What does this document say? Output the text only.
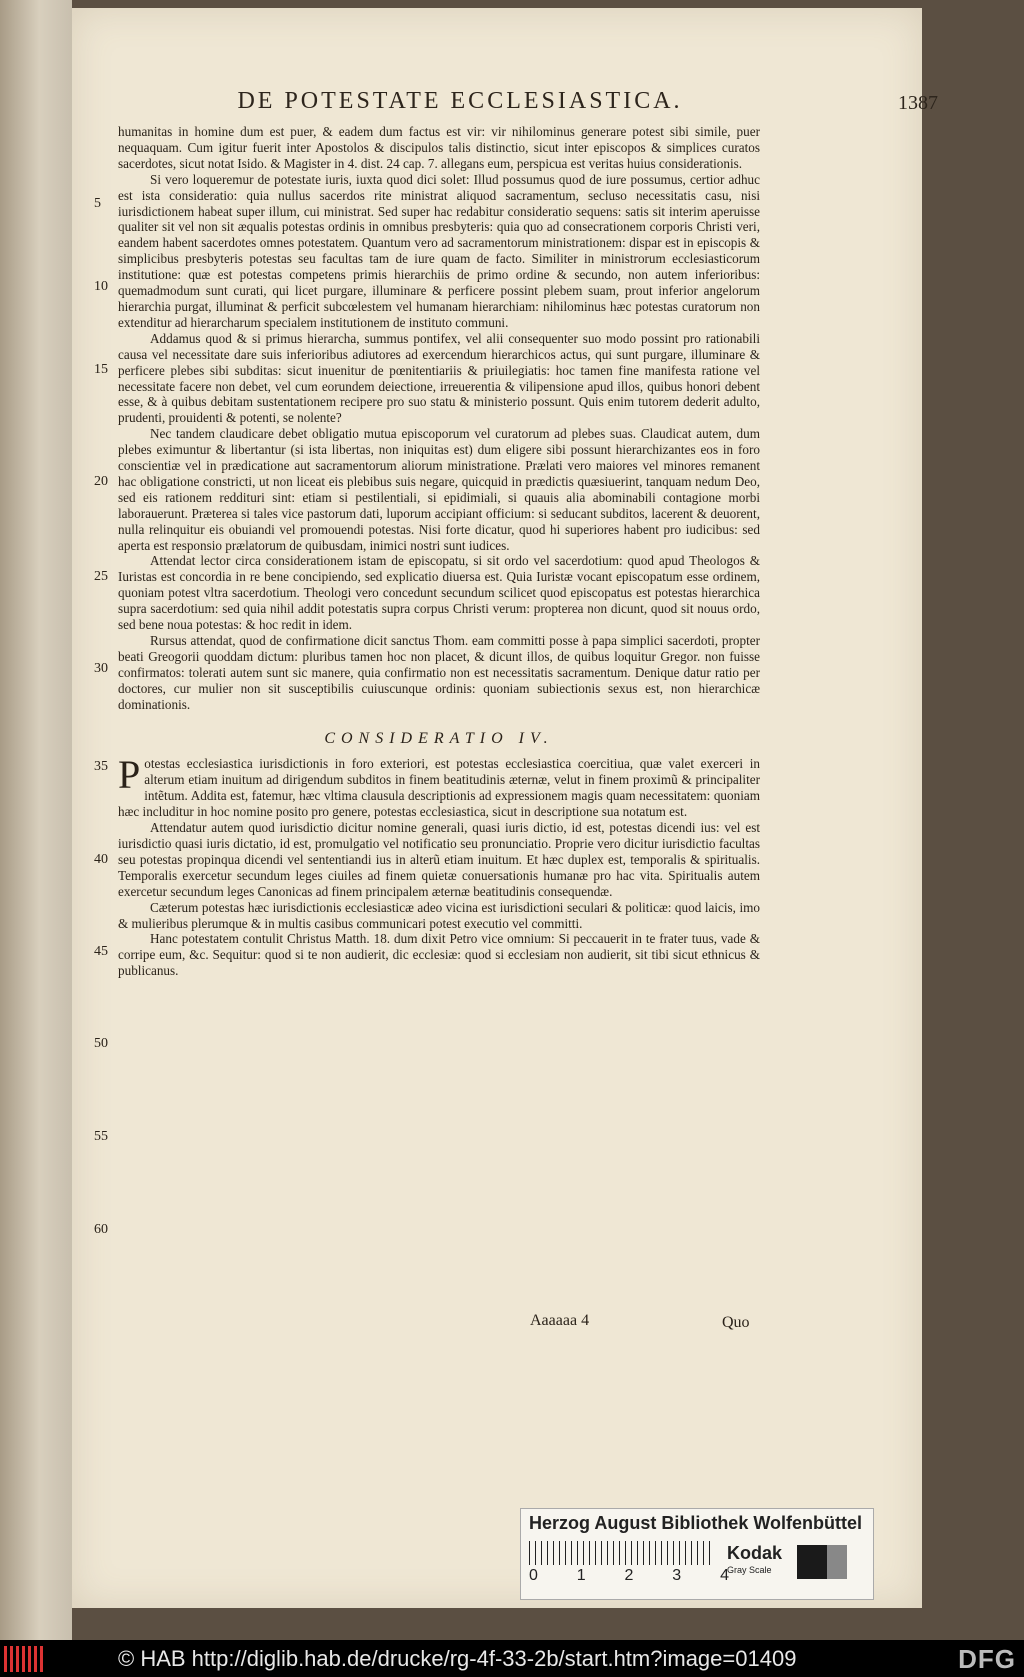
DE POTESTATE ECCLESIASTICA.	1387
5
10
15
20
25
30
35
40
45
50
55
60

humanitas in homine dum est puer, & eadem dum factus est vir: vir nihilominus generare potest sibi simile, puer nequaquam. Cum igitur fuerit inter Apostolos & discipulos talis distinctio, sicut inter episcopos & simplices curatos sacerdotes, sicut notat Isido. & Magister in 4. dist. 24 cap. 7. allegans eum, perspicua est veritas huius considerationis.

Si vero loqueremur de potestate iuris, iuxta quod dici solet: Illud possumus quod de iure possumus, certior adhuc est ista consideratio: quia nullus sacerdos rite ministrat aliquod sacramentum, secluso necessitatis casu, nisi iurisdictionem habeat super illum, cui ministrat. Sed super hac redabitur consideratio sequens: satis sit interim aperuisse qualiter sit vel non sit æqualis potestas ordinis in omnibus presbyteris: quia quo ad consecrationem corporis Christi veri, eandem habent sacerdotes omnes potestatem. Quantum vero ad sacramentorum ministrationem: dispar est in episcopis & simplicibus presbyteris potestas seu facultas tam de iure quam de facto. Similiter in ministrorum ecclesiasticorum institutione: quæ est potestas competens primis hierarchiis de primo ordine & secundo, non autem inferioribus: quemadmodum sunt curati, qui licet purgare, illuminare & perficere possint plebem suam, prout inferior angelorum hierarchia purgat, illuminat & perficit subcœlestem vel humanam hierarchiam: nihilominus hæc potestas curatorum non extenditur ad hierarcharum specialem institutionem de instituto communi.

Addamus quod & si primus hierarcha, summus pontifex, vel alii consequenter suo modo possint pro rationabili causa vel necessitate dare suis inferioribus adiutores ad exercendum hierarchicos actus, qui sunt purgare, illuminare & perficere plebes sibi subditas: sicut inuenitur de pœnitentiariis & priuilegiatis: hoc tamen fine manifesta ratione vel necessitate facere non debet, vel cum eorundem deiectione, irreuerentia & vilipensione apud illos, quibus honori debent esse, & à quibus debitam sustentationem recipere pro suo statu & ministerio possunt. Quis enim tutorem dederit adulto, prudenti, prouidenti & potenti, se nolente?

Nec tandem claudicare debet obligatio mutua episcoporum vel curatorum ad plebes suas. Claudicat autem, dum plebes eximuntur & libertantur (si ista libertas, non iniquitas est) dum eligere sibi possunt hierarchizantes eos in foro conscientiæ vel in prædicatione aut sacramentorum aliorum ministratione. Prælati vero maiores vel minores remanent hac obligatione constricti, ut non liceat eis plebibus suis negare, quicquid in prædictis quæsiuerint, tanquam nedum Deo, sed eis rationem reddituri sint: etiam si pestilentiali, si epidimiali, si quauis alia abominabili contagione morbi laborauerunt. Præterea si tales vice pastorum dati, luporum accipiant officium: si seducant subditos, lacerent & deuorent, nulla relinquitur eis obuiandi vel promouendi potestas. Nisi forte dicatur, quod hi superiores habent pro iudicibus: sed aperta est responsio prælatorum de quibusdam, inimici nostri sunt iudices.

Attendat lector circa considerationem istam de episcopatu, si sit ordo vel sacerdotium: quod apud Theologos & Iuristas est concordia in re bene concipiendo, sed explicatio diuersa est. Quia Iuristæ vocant episcopatum esse ordinem, quoniam potest vltra sacerdotium. Theologi vero concedunt secundum scilicet quod episcopatus est potestas hierarchica supra sacerdotium: sed quia nihil addit potestatis supra corpus Christi verum: propterea non dicunt, quod sit nouus ordo, sed bene noua potestas: & hoc redit in idem.

Rursus attendat, quod de confirmatione dicit sanctus Thom. eam committi posse à papa simplici sacerdoti, propter beati Greogorii quoddam dictum: pluribus tamen hoc non placet, & dicunt illos, de quibus loquitur Gregor. non fuisse confirmatos: tolerati autem sunt sic manere, quia confirmatio non est necessitatis sacramentum. Denique datur ratio per doctores, cur mulier non sit susceptibilis cuiuscunque ordinis: quoniam subiectionis sexus est, non hierarchicæ dominationis.

CONSIDERATIO IV.

Potestas ecclesiastica iurisdictionis in foro exteriori, est potestas ecclesiastica coercitiua, quæ valet exerceri in alterum etiam inuitum ad dirigendum subditos in finem beatitudinis æternæ, velut in finem proximũ & principaliter intẽtum. Addita est, fatemur, hæc vltima clausula descriptionis ad expressionem magis quam necessitatem: quoniam hæc includitur in hoc nomine posito pro genere, potestas ecclesiastica, sicut in descriptione sua notatum est.

Attendatur autem quod iurisdictio dicitur nomine generali, quasi iuris dictio, id est, potestas dicendi ius: vel est iurisdictio quasi iuris dictatio, id est, promulgatio vel notificatio seu pronunciatio. Proprie vero dicitur iurisdictio facultas seu potestas propinqua dicendi vel sententiandi ius in alterũ etiam inuitum. Et hæc duplex est, temporalis & spiritualis. Temporalis exercetur secundum leges ciuiles ad finem quietæ conuersationis humanæ pro hac vita. Spiritualis autem exercetur secundum leges Canonicas ad finem principalem æternæ beatitudinis consequendæ.

Cæterum potestas hæc iurisdictionis ecclesiasticæ adeo vicina est iurisdictioni seculari & politicæ: quod laicis, imo & mulieribus plerumque & in multis casibus communicari potest executio vel committi.

Hanc potestatem contulit Christus Matth. 18. dum dixit Petro vice omnium: Si peccauerit in te frater tuus, vade & corripe eum, &c. Sequitur: quod si te non audierit, dic ecclesiæ: quod si ecclesiam non audierit, sit tibi sicut ethnicus & publicanus.

Aaaaaa 4	Quo
Herzog August Bibliothek Wolfenbüttel
0 1 2 3 4
Kodak
Gray Scale
© HAB http://diglib.hab.de/drucke/rg-4f-33-2b/start.htm?image=01409	DFG
